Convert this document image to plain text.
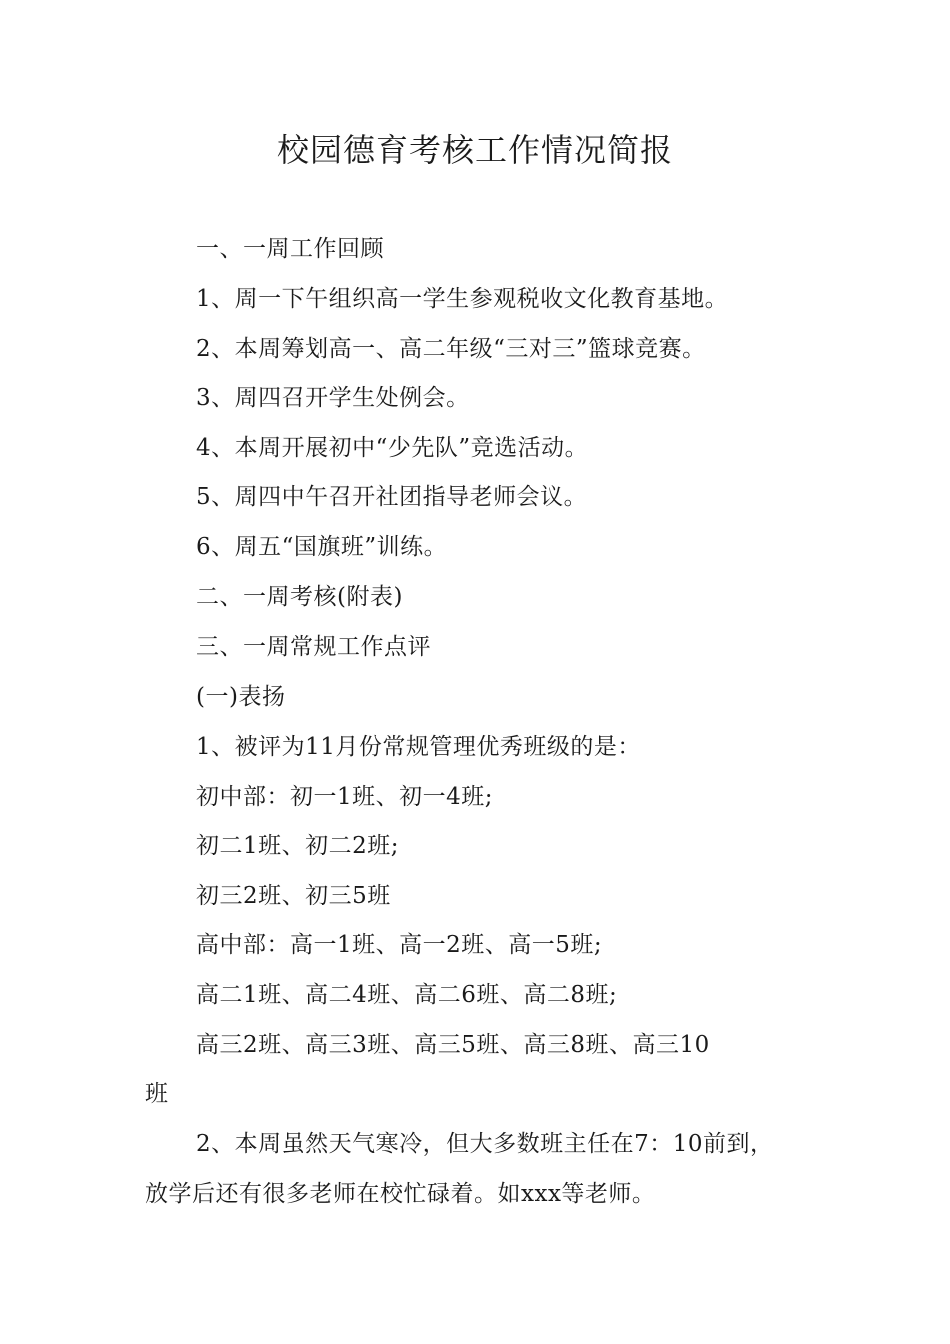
校园德育考核工作情况简报
一、一周工作回顾
1、周一下午组织高一学生参观税收文化教育基地。
2、本周筹划高一、高二年级“三对三”篮球竞赛。
3、周四召开学生处例会。
4、本周开展初中“少先队”竞选活动。
5、周四中午召开社团指导老师会议。
6、周五“国旗班”训练。
二、一周考核(附表)
三、一周常规工作点评
(一)表扬
1、被评为11月份常规管理优秀班级的是：
初中部：初一1班、初一4班;
初二1班、初二2班;
初三2班、初三5班
高中部：高一1班、高一2班、高一5班;
高二1班、高二4班、高二6班、高二8班;
高三2班、高三3班、高三5班、高三8班、高三10
班
2、本周虽然天气寒冷，但大多数班主任在7：10前到，
放学后还有很多老师在校忙碌着。如xxx等老师。
